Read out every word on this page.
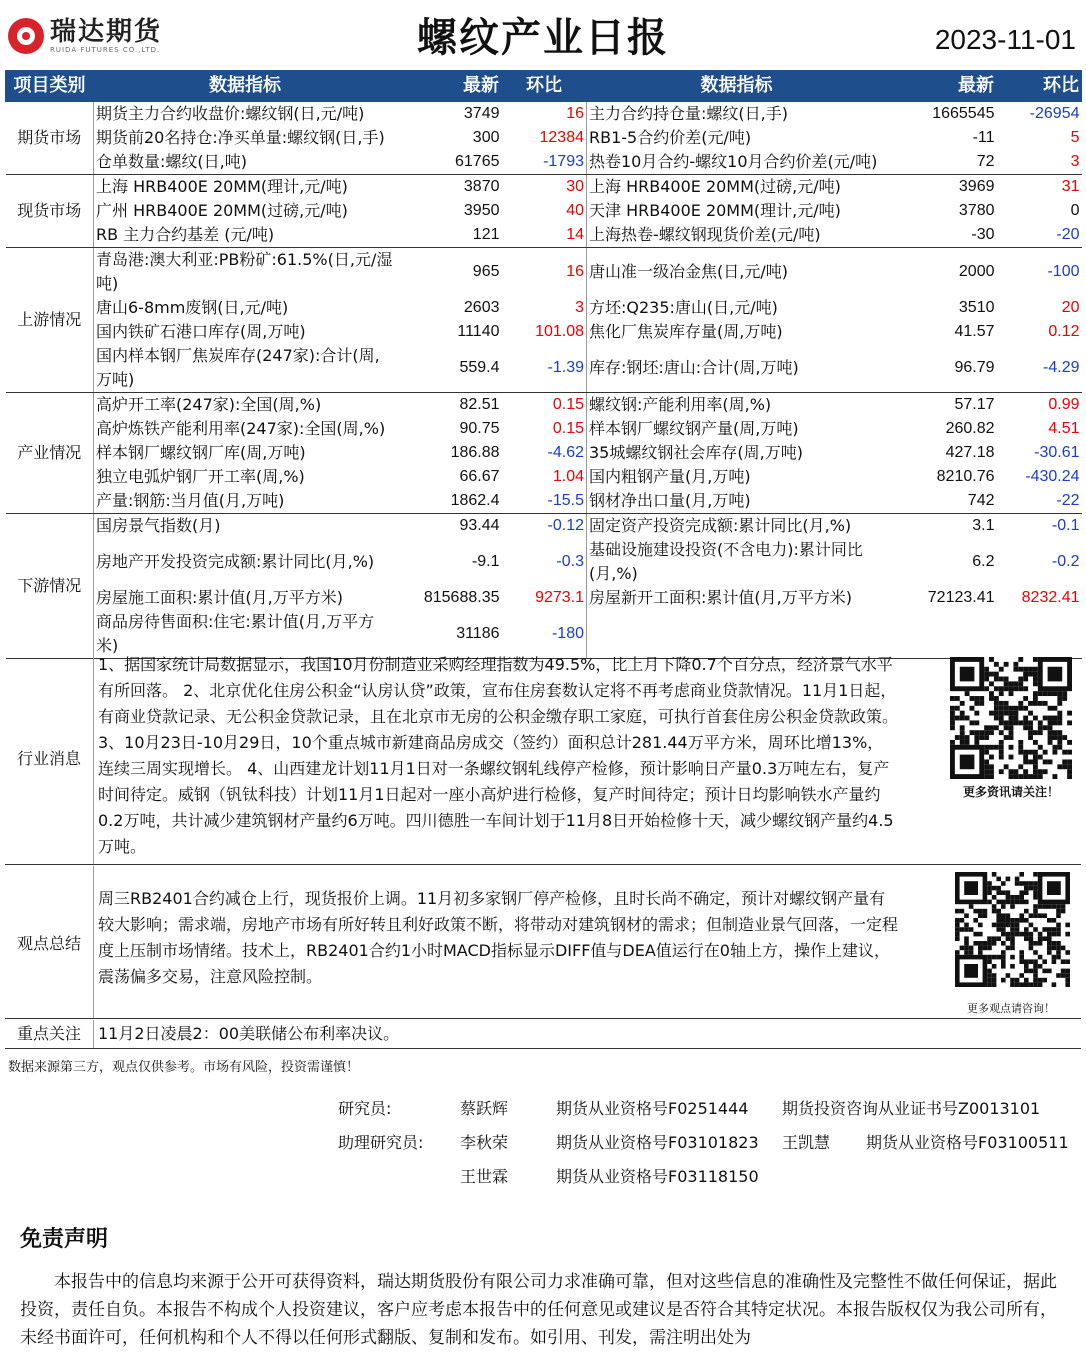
瑞达期货
RUIDA FUTURES CO.,LTD.	螺纹产业日报	2023-11-01
项目类别	数据指标	最新	环比	数据指标	最新	环比
期货市场	期货主力合约收盘价:螺纹钢(日,元/吨)	3749	16	主力合约持仓量:螺纹(日,手)	1665545	-26954
	期货前20名持仓:净买单量:螺纹钢(日,手)	300	12384	RB1-5合约价差(元/吨)	-11	5
	仓单数量:螺纹(日,吨)	61765	-1793	热卷10月合约-螺纹10月合约价差(元/吨)	72	3
现货市场	上海 HRB400E 20MM(理计,元/吨)	3870	30	上海 HRB400E 20MM(过磅,元/吨)	3969	31
	广州 HRB400E 20MM(过磅,元/吨)	3950	40	天津 HRB400E 20MM(理计,元/吨)	3780	0
	RB 主力合约基差 (元/吨)	121	14	上海热卷-螺纹钢现货价差(元/吨)	-30	-20
上游情况	青岛港:澳大利亚:PB粉矿:61.5%(日,元/湿吨)	965	16	唐山准一级冶金焦(日,元/吨)	2000	-100
	唐山6-8mm废钢(日,元/吨)	2603	3	方坯:Q235:唐山(日,元/吨)	3510	20
	国内铁矿石港口库存(周,万吨)	11140	101.08	焦化厂焦炭库存量(周,万吨)	41.57	0.12
	国内样本钢厂焦炭库存(247家):合计(周,万吨)	559.4	-1.39	库存:钢坯:唐山:合计(周,万吨)	96.79	-4.29
产业情况	高炉开工率(247家):全国(周,%)	82.51	0.15	螺纹钢:产能利用率(周,%)	57.17	0.99
	高炉炼铁产能利用率(247家):全国(周,%)	90.75	0.15	样本钢厂螺纹钢产量(周,万吨)	260.82	4.51
	样本钢厂螺纹钢厂库(周,万吨)	186.88	-4.62	35城螺纹钢社会库存(周,万吨)	427.18	-30.61
	独立电弧炉钢厂开工率(周,%)	66.67	1.04	国内粗钢产量(月,万吨)	8210.76	-430.24
	产量:钢筋:当月值(月,万吨)	1862.4	-15.5	钢材净出口量(月,万吨)	742	-22
下游情况	国房景气指数(月)	93.44	-0.12	固定资产投资完成额:累计同比(月,%)	3.1	-0.1
	房地产开发投资完成额:累计同比(月,%)	-9.1	-0.3	基础设施建设投资(不含电力):累计同比(月,%)	6.2	-0.2
	房屋施工面积:累计值(月,万平方米)	815688.35	9273.1	房屋新开工面积:累计值(月,万平方米)	72123.41	8232.41
	商品房待售面积:住宅:累计值(月,万平方米)	31186	-180			
行业消息
1、据国家统计局数据显示，我国10月份制造业采购经理指数为49.5%，比上月下降0.7个百分点，经济景气水平有所回落。 2、北京优化住房公积金“认房认贷”政策，宣布住房套数认定将不再考虑商业贷款情况。11月1日起，有商业贷款记录、无公积金贷款记录，且在北京市无房的公积金缴存职工家庭，可执行首套住房公积金贷款政策。 3、10月23日-10月29日，10个重点城市新建商品房成交（签约）面积总计281.44万平方米，周环比增13%，连续三周实现增长。 4、山西建龙计划11月1日对一条螺纹钢轧线停产检修，预计影响日产量0.3万吨左右，复产时间待定。威钢（钒钛科技）计划11月1日起对一座小高炉进行检修，复产时间待定；预计日均影响铁水产量约0.2万吨，共计减少建筑钢材产量约6万吨。四川德胜一车间计划于11月8日开始检修十天，减少螺纹钢产量约4.5万吨。
更多资讯请关注！
观点总结
周三RB2401合约减仓上行，现货报价上调。11月初多家钢厂停产检修，且时长尚不确定，预计对螺纹钢产量有较大影响；需求端，房地产市场有所好转且利好政策不断，将带动对建筑钢材的需求；但制造业景气回落，一定程度上压制市场情绪。技术上，RB2401合约1小时MACD指标显示DIFF值与DEA值运行在0轴上方，操作上建议，震荡偏多交易，注意风险控制。
更多观点请咨询！
重点关注	11月2日凌晨2：00美联储公布利率决议。
数据来源第三方，观点仅供参考。市场有风险，投资需谨慎！
研究员:	蔡跃辉	期货从业资格号F0251444 期货投资咨询从业证书号Z0013101
助理研究员: 李秋荣	期货从业资格号F03101823 王凯慧 期货从业资格号F03100511
王世霖	期货从业资格号F03118150
免责声明
本报告中的信息均来源于公开可获得资料，瑞达期货股份有限公司力求准确可靠，但对这些信息的准确性及完整性不做任何保证，据此投资，责任自负。本报告不构成个人投资建议，客户应考虑本报告中的任何意见或建议是否符合其特定状况。本报告版权仅为我公司所有，未经书面许可，任何机构和个人不得以任何形式翻版、复制和发布。如引用、刊发，需注明出处为
